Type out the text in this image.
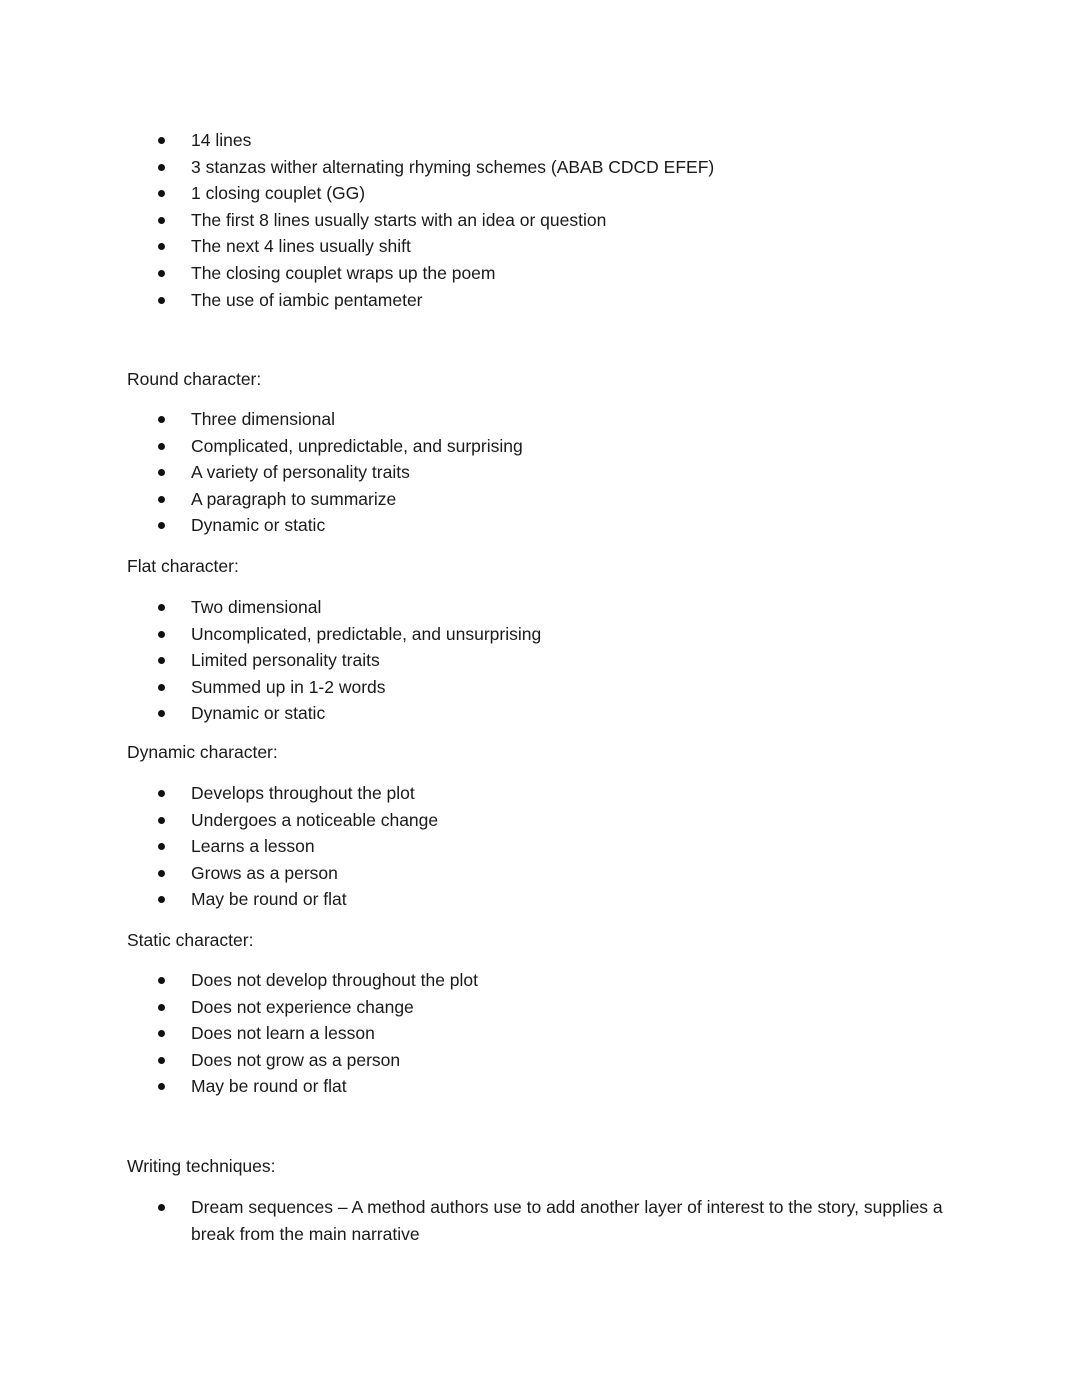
14 lines
3 stanzas wither alternating rhyming schemes (ABAB CDCD EFEF)
1 closing couplet (GG)
The first 8 lines usually starts with an idea or question
The next 4 lines usually shift
The closing couplet wraps up the poem
The use of iambic pentameter
Round character:
Three dimensional
Complicated, unpredictable, and surprising
A variety of personality traits
A paragraph to summarize
Dynamic or static
Flat character:
Two dimensional
Uncomplicated, predictable, and unsurprising
Limited personality traits
Summed up in 1-2 words
Dynamic or static
Dynamic character:
Develops throughout the plot
Undergoes a noticeable change
Learns a lesson
Grows as a person
May be round or flat
Static character:
Does not develop throughout the plot
Does not experience change
Does not learn a lesson
Does not grow as a person
May be round or flat
Writing techniques:
Dream sequences – A method authors use to add another layer of interest to the story, supplies a break from the main narrative
